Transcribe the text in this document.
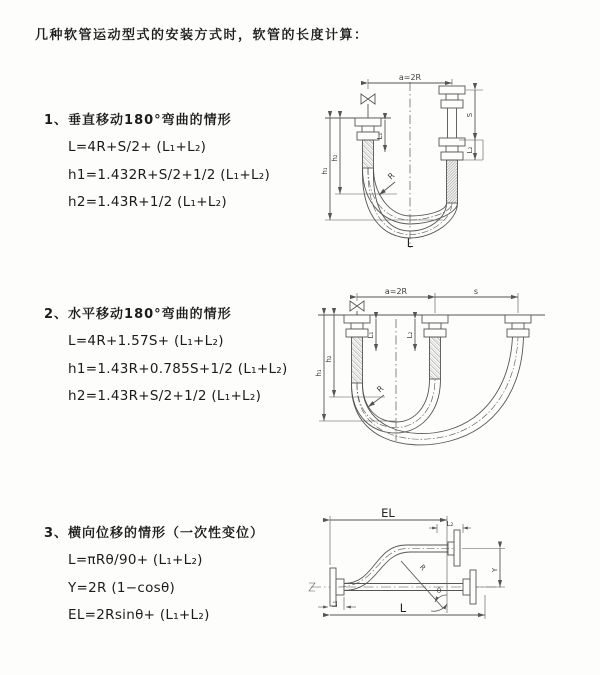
几种软管运动型式的安装方式时，软管的长度计算：
1、垂直移动180°弯曲的情形
L=4R+S/2+ (L₁+L₂)
h1=1.432R+S/2+1/2 (L₁+L₂)
h2=1.43R+1/2 (L₁+L₂)
a=2R
L₁
S
L₂
h₂
h₁	R
L
2、水平移动180°弯曲的情形
L=4R+1.57S+ (L₁+L₂)
h1=1.43R+0.785S+1/2 (L₁+L₂)
h2=1.43R+S/2+1/2 (L₁+L₂)
a=2R	s
L₁	L₂
h₂
h₁
R
3、横向位移的情形（一次性变位）
L=πRθ/90+ (L₁+L₂)
Y=2R (1−cosθ)
EL=2Rsinθ+ (L₁+L₂)
EL
L₂
R	Y
θ
L
L₁
